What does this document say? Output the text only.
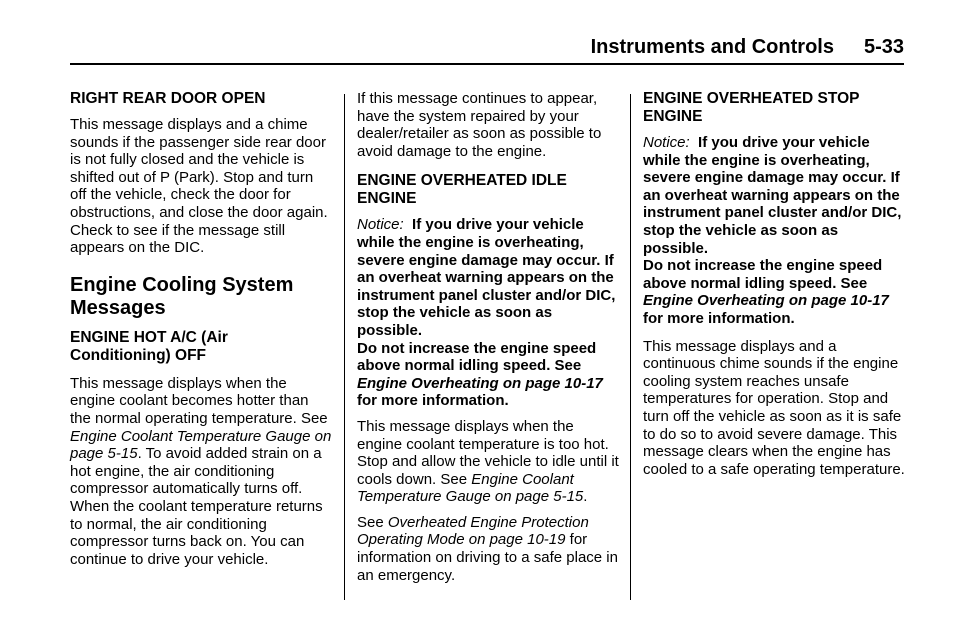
Instruments and Controls 5-33
RIGHT REAR DOOR OPEN

This message displays and a chime sounds if the passenger side rear door is not fully closed and the vehicle is shifted out of P (Park). Stop and turn off the vehicle, check the door for obstructions, and close the door again. Check to see if the message still appears on the DIC.

Engine Cooling System Messages
ENGINE HOT A/C (Air Conditioning) OFF

This message displays when the engine coolant becomes hotter than the normal operating temperature. See Engine Coolant Temperature Gauge on page 5-15. To avoid added strain on a hot engine, the air conditioning compressor automatically turns off. When the coolant temperature returns to normal, the air conditioning compressor turns back on. You can continue to drive your vehicle.

If this message continues to appear, have the system repaired by your dealer/retailer as soon as possible to avoid damage to the engine.

ENGINE OVERHEATED IDLE ENGINE

Notice: If you drive your vehicle while the engine is overheating, severe engine damage may occur. If an overheat warning appears on the instrument panel cluster and/or DIC, stop the vehicle as soon as possible.

Do not increase the engine speed above normal idling speed. See Engine Overheating on page 10-17 for more information.

This message displays when the engine coolant temperature is too hot. Stop and allow the vehicle to idle until it cools down. See Engine Coolant Temperature Gauge on page 5-15.

See Overheated Engine Protection Operating Mode on page 10-19 for information on driving to a safe place in an emergency.

ENGINE OVERHEATED STOP ENGINE

Notice: If you drive your vehicle while the engine is overheating, severe engine damage may occur. If an overheat warning appears on the instrument panel cluster and/or DIC, stop the vehicle as soon as possible.

Do not increase the engine speed above normal idling speed. See Engine Overheating on page 10-17 for more information.

This message displays and a continuous chime sounds if the engine cooling system reaches unsafe temperatures for operation. Stop and turn off the vehicle as soon as it is safe to do so to avoid severe damage. This message clears when the engine has cooled to a safe operating temperature.
